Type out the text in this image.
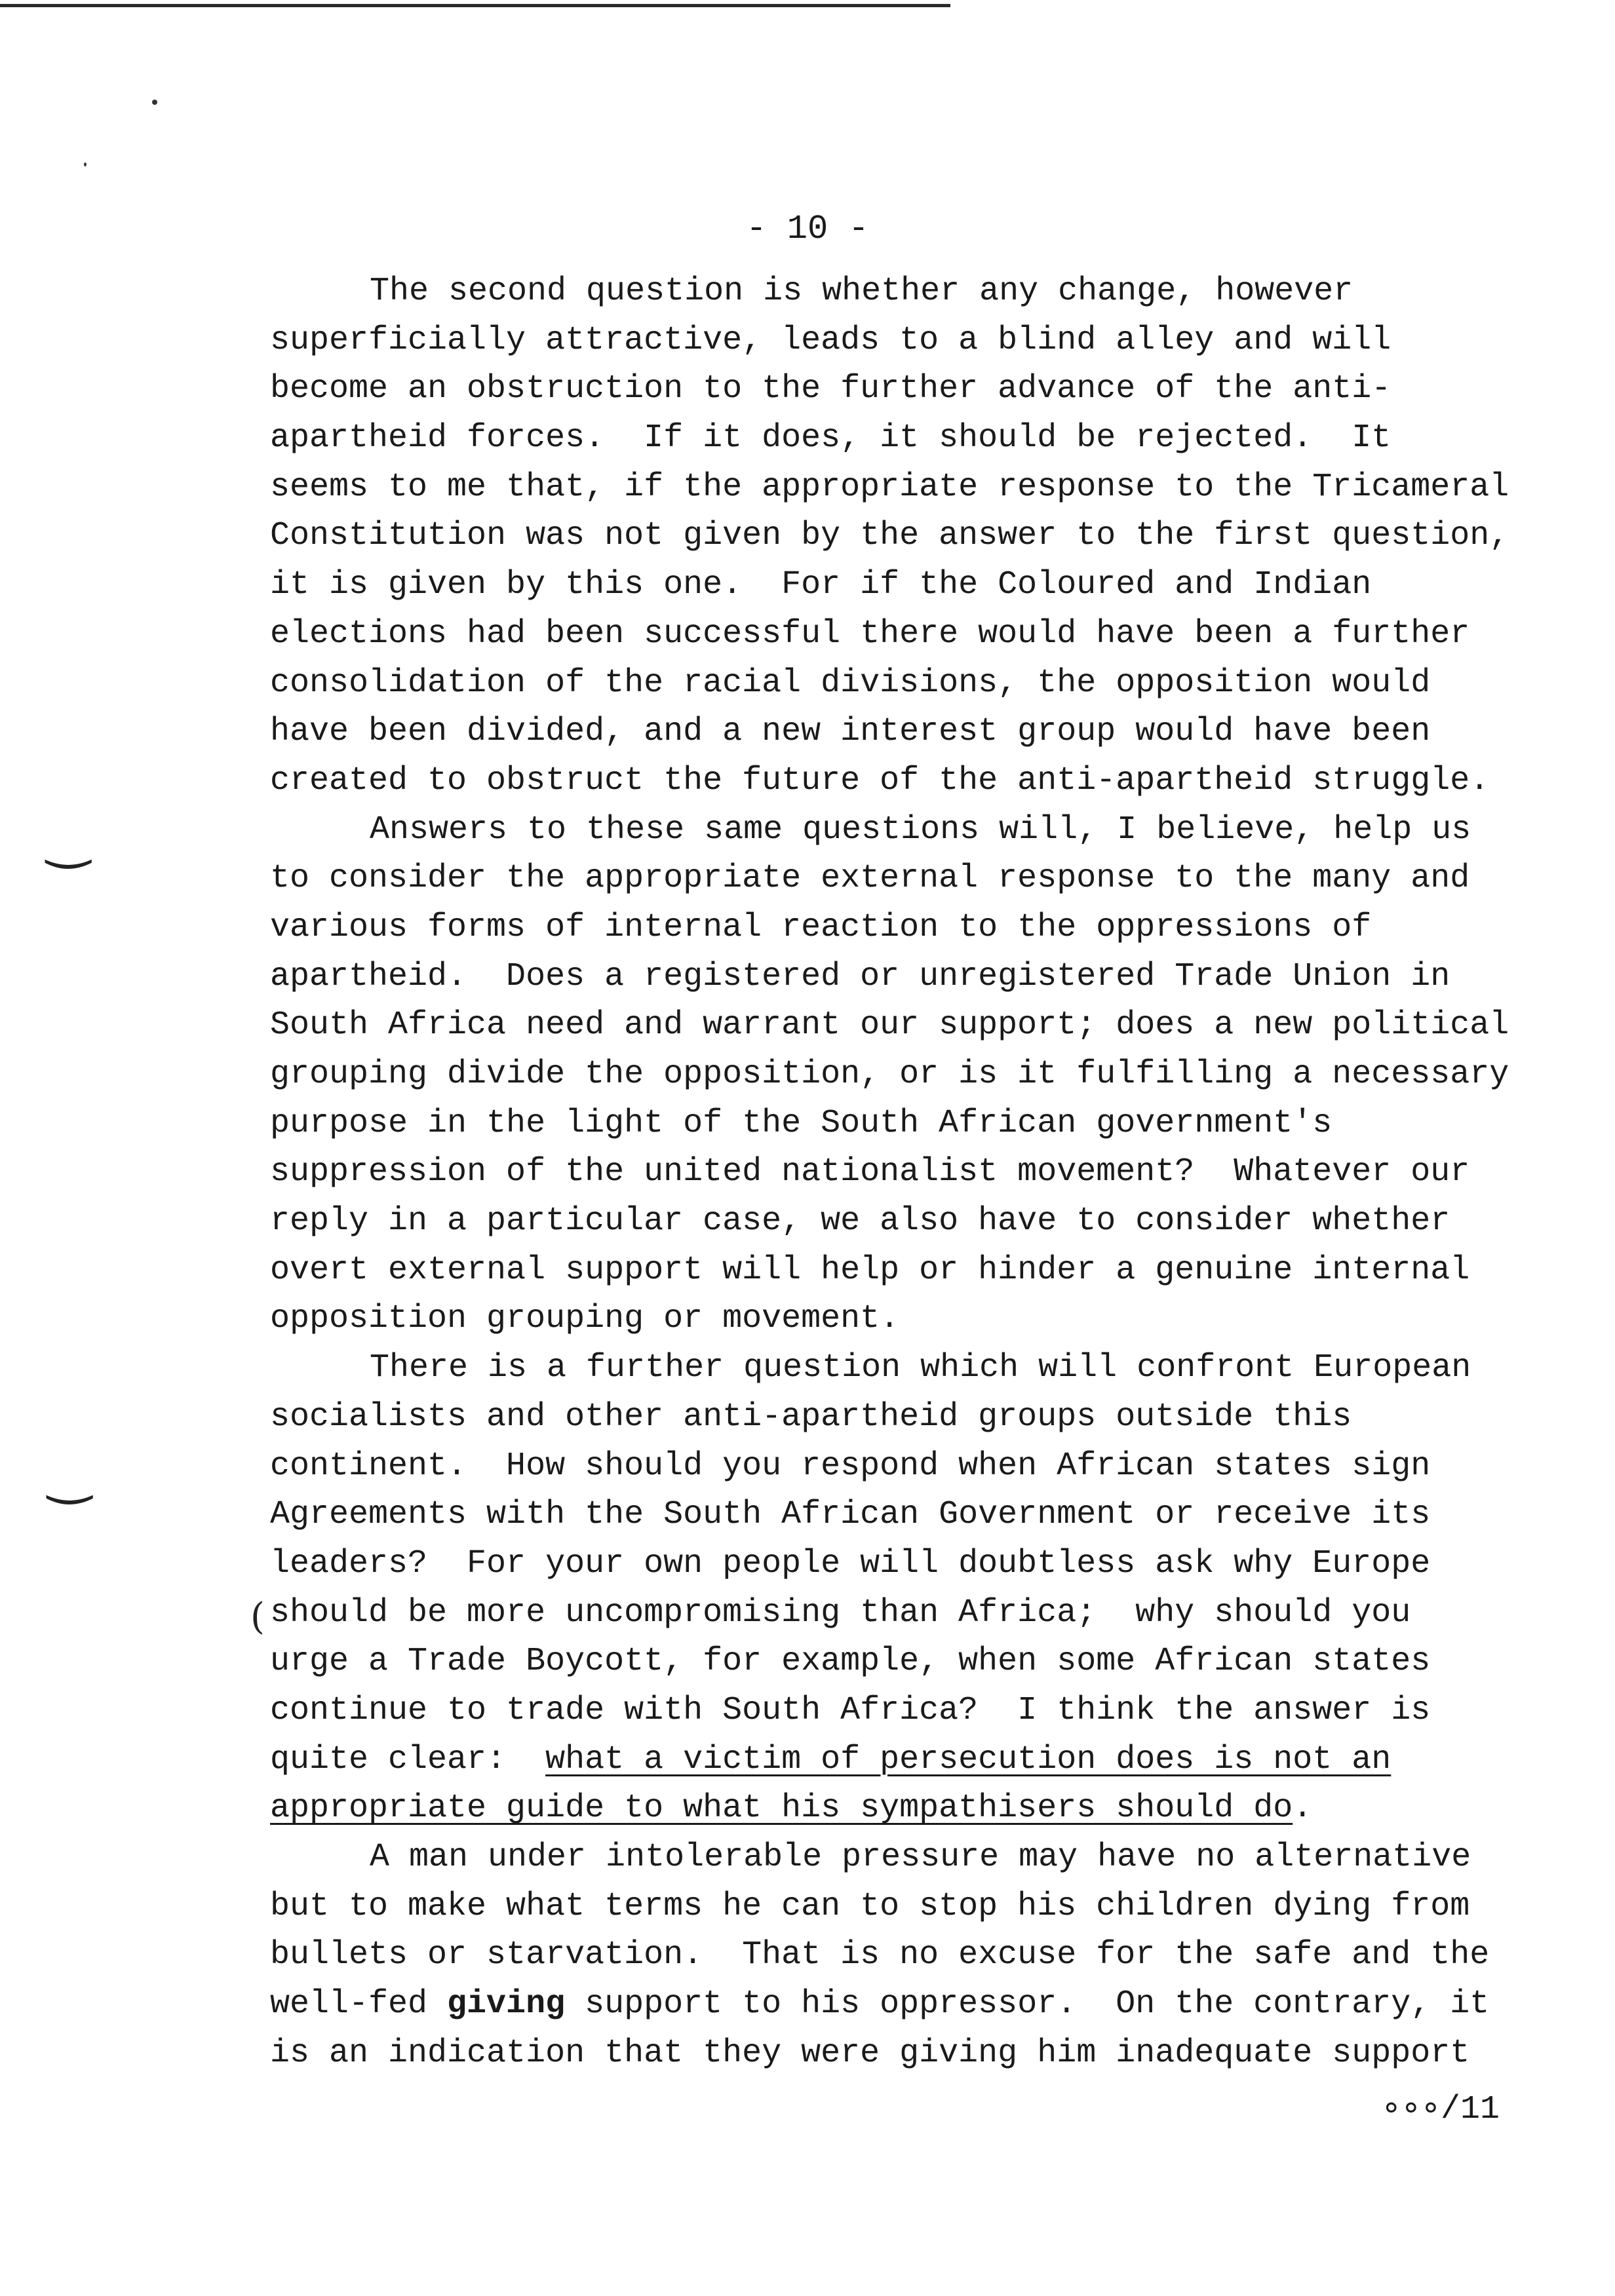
‿
‿
(
- 10 -
The second question is whether any change, however
superficially attractive, leads to a blind alley and will
become an obstruction to the further advance of the anti-
apartheid forces.  If it does, it should be rejected.  It
seems to me that, if the appropriate response to the Tricameral
Constitution was not given by the answer to the first question,
it is given by this one.  For if the Coloured and Indian
elections had been successful there would have been a further
consolidation of the racial divisions, the opposition would
have been divided, and a new interest group would have been
created to obstruct the future of the anti-apartheid struggle.
Answers to these same questions will, I believe, help us
to consider the appropriate external response to the many and
various forms of internal reaction to the oppressions of
apartheid.  Does a registered or unregistered Trade Union in
South Africa need and warrant our support; does a new political
grouping divide the opposition, or is it fulfilling a necessary
purpose in the light of the South African government's
suppression of the united nationalist movement?  Whatever our
reply in a particular case, we also have to consider whether
overt external support will help or hinder a genuine internal
opposition grouping or movement.
There is a further question which will confront European
socialists and other anti-apartheid groups outside this
continent.  How should you respond when African states sign
Agreements with the South African Government or receive its
leaders?  For your own people will doubtless ask why Europe
should be more uncompromising than Africa;  why should you
urge a Trade Boycott, for example, when some African states
continue to trade with South Africa?  I think the answer is
quite clear:  what a victim of persecution does is not an
appropriate guide to what his sympathisers should do.
A man under intolerable pressure may have no alternative
but to make what terms he can to stop his children dying from
bullets or starvation.  That is no excuse for the safe and the
well-fed giving support to his oppressor.  On the contrary, it
is an indication that they were giving him inadequate support
∘∘∘/11
